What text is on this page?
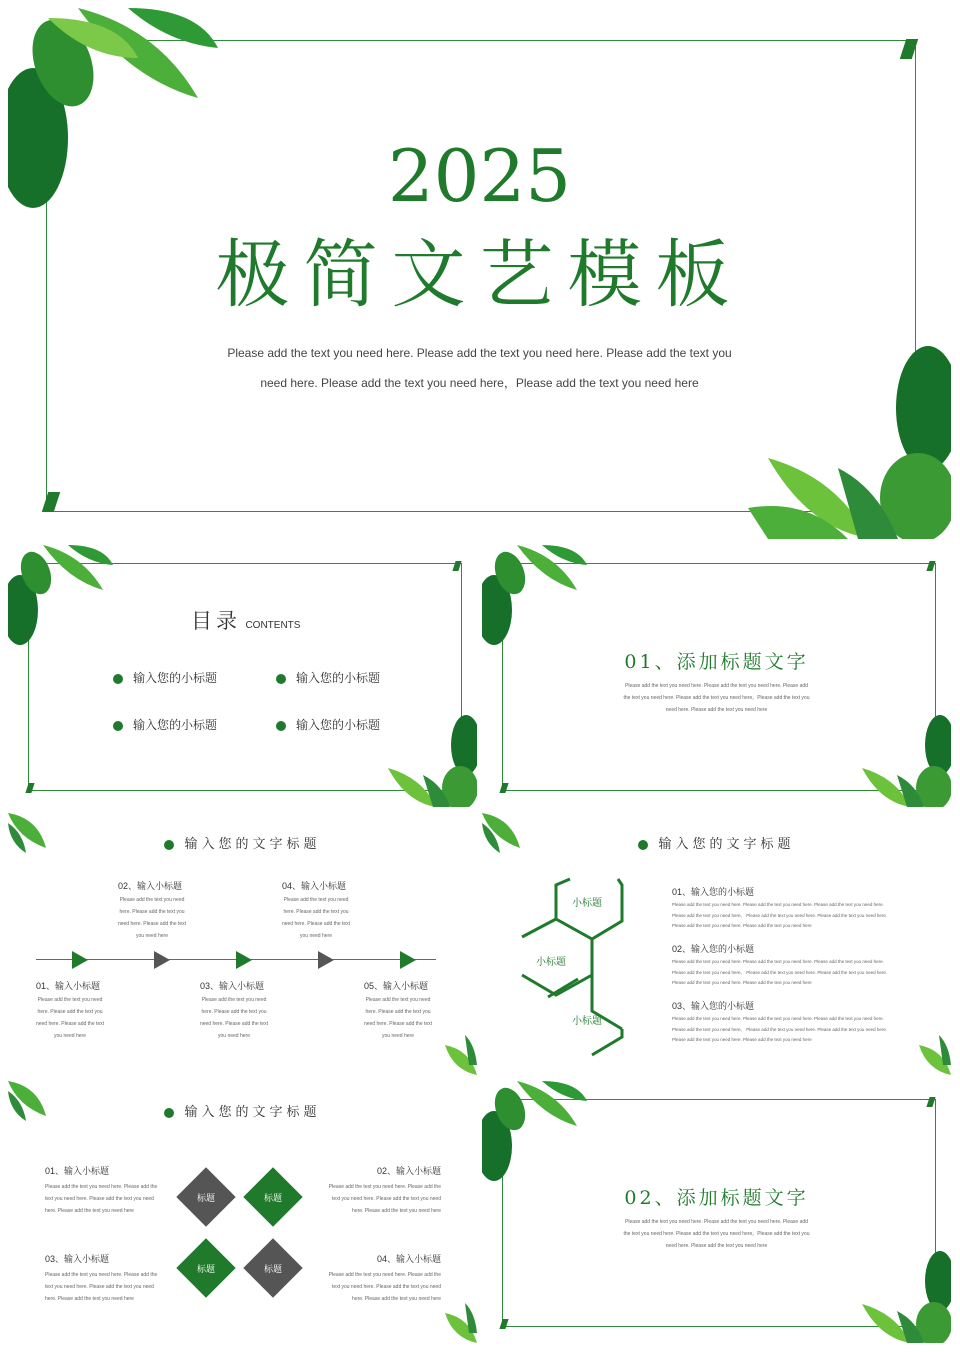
2025
极简文艺模板
Please add the text you need here. Please add the text you need here. Please add the text you
need here. Please add the text you need here，Please add the text you need here
目录 CONTENTS
输入您的小标题	输入您的小标题
输入您的小标题	输入您的小标题
01、添加标题文字
Please add the text you need here. Please add the text you need here. Please add
the text you need here. Please add the text you need here。Please add the text you
need here. Please add the text you need here
输入您的文字标题
02、输入小标题
Please add the text you need
here. Please add the text you
need here. Please add the text
you need here
04、输入小标题
Please add the text you need
here. Please add the text you
need here. Please add the text
you need here
01、输入小标题
Please add the text you need
here. Please add the text you
need here. Please add the text
you need here
03、输入小标题
Please add the text you need
here. Please add the text you
need here. Please add the text
you need here
05、输入小标题
Please add the text you need
here. Please add the text you
need here. Please add the text
you need here
输入您的文字标题
小标题
小标题
小标题
01、输入您的小标题
Please add the text you need here. Please add the text you need here. Please add the text you need here.
Please add the text you need here。 Please add the text you need here. Please add the text you need here.
Please add the text you need here. Please add the text you need here
02、输入您的小标题
Please add the text you need here. Please add the text you need here. Please add the text you need here.
Please add the text you need here。 Please add the text you need here. Please add the text you need here.
Please add the text you need here. Please add the text you need here
03、输入您的小标题
Please add the text you need here. Please add the text you need here. Please add the text you need here.
Please add the text you need here。 Please add the text you need here. Please add the text you need here.
Please add the text you need here. Please add the text you need here
输入您的文字标题
标题	标题
标题	标题
01、输入小标题
Please add the text you need here. Please add the
text you need here. Please add the text you need
here. Please add the text you need here
02、输入小标题
Please add the text you need here. Please add the
text you need here. Please add the text you need
here. Please add the text you need here
03、输入小标题
Please add the text you need here. Please add the
text you need here. Please add the text you need
here. Please add the text you need here
04、输入小标题
Please add the text you need here. Please add the
text you need here. Please add the text you need
here. Please add the text you need here
02、添加标题文字
Please add the text you need here. Please add the text you need here. Please add
the text you need here. Please add the text you need here。Please add the text you
need here. Please add the text you need here
